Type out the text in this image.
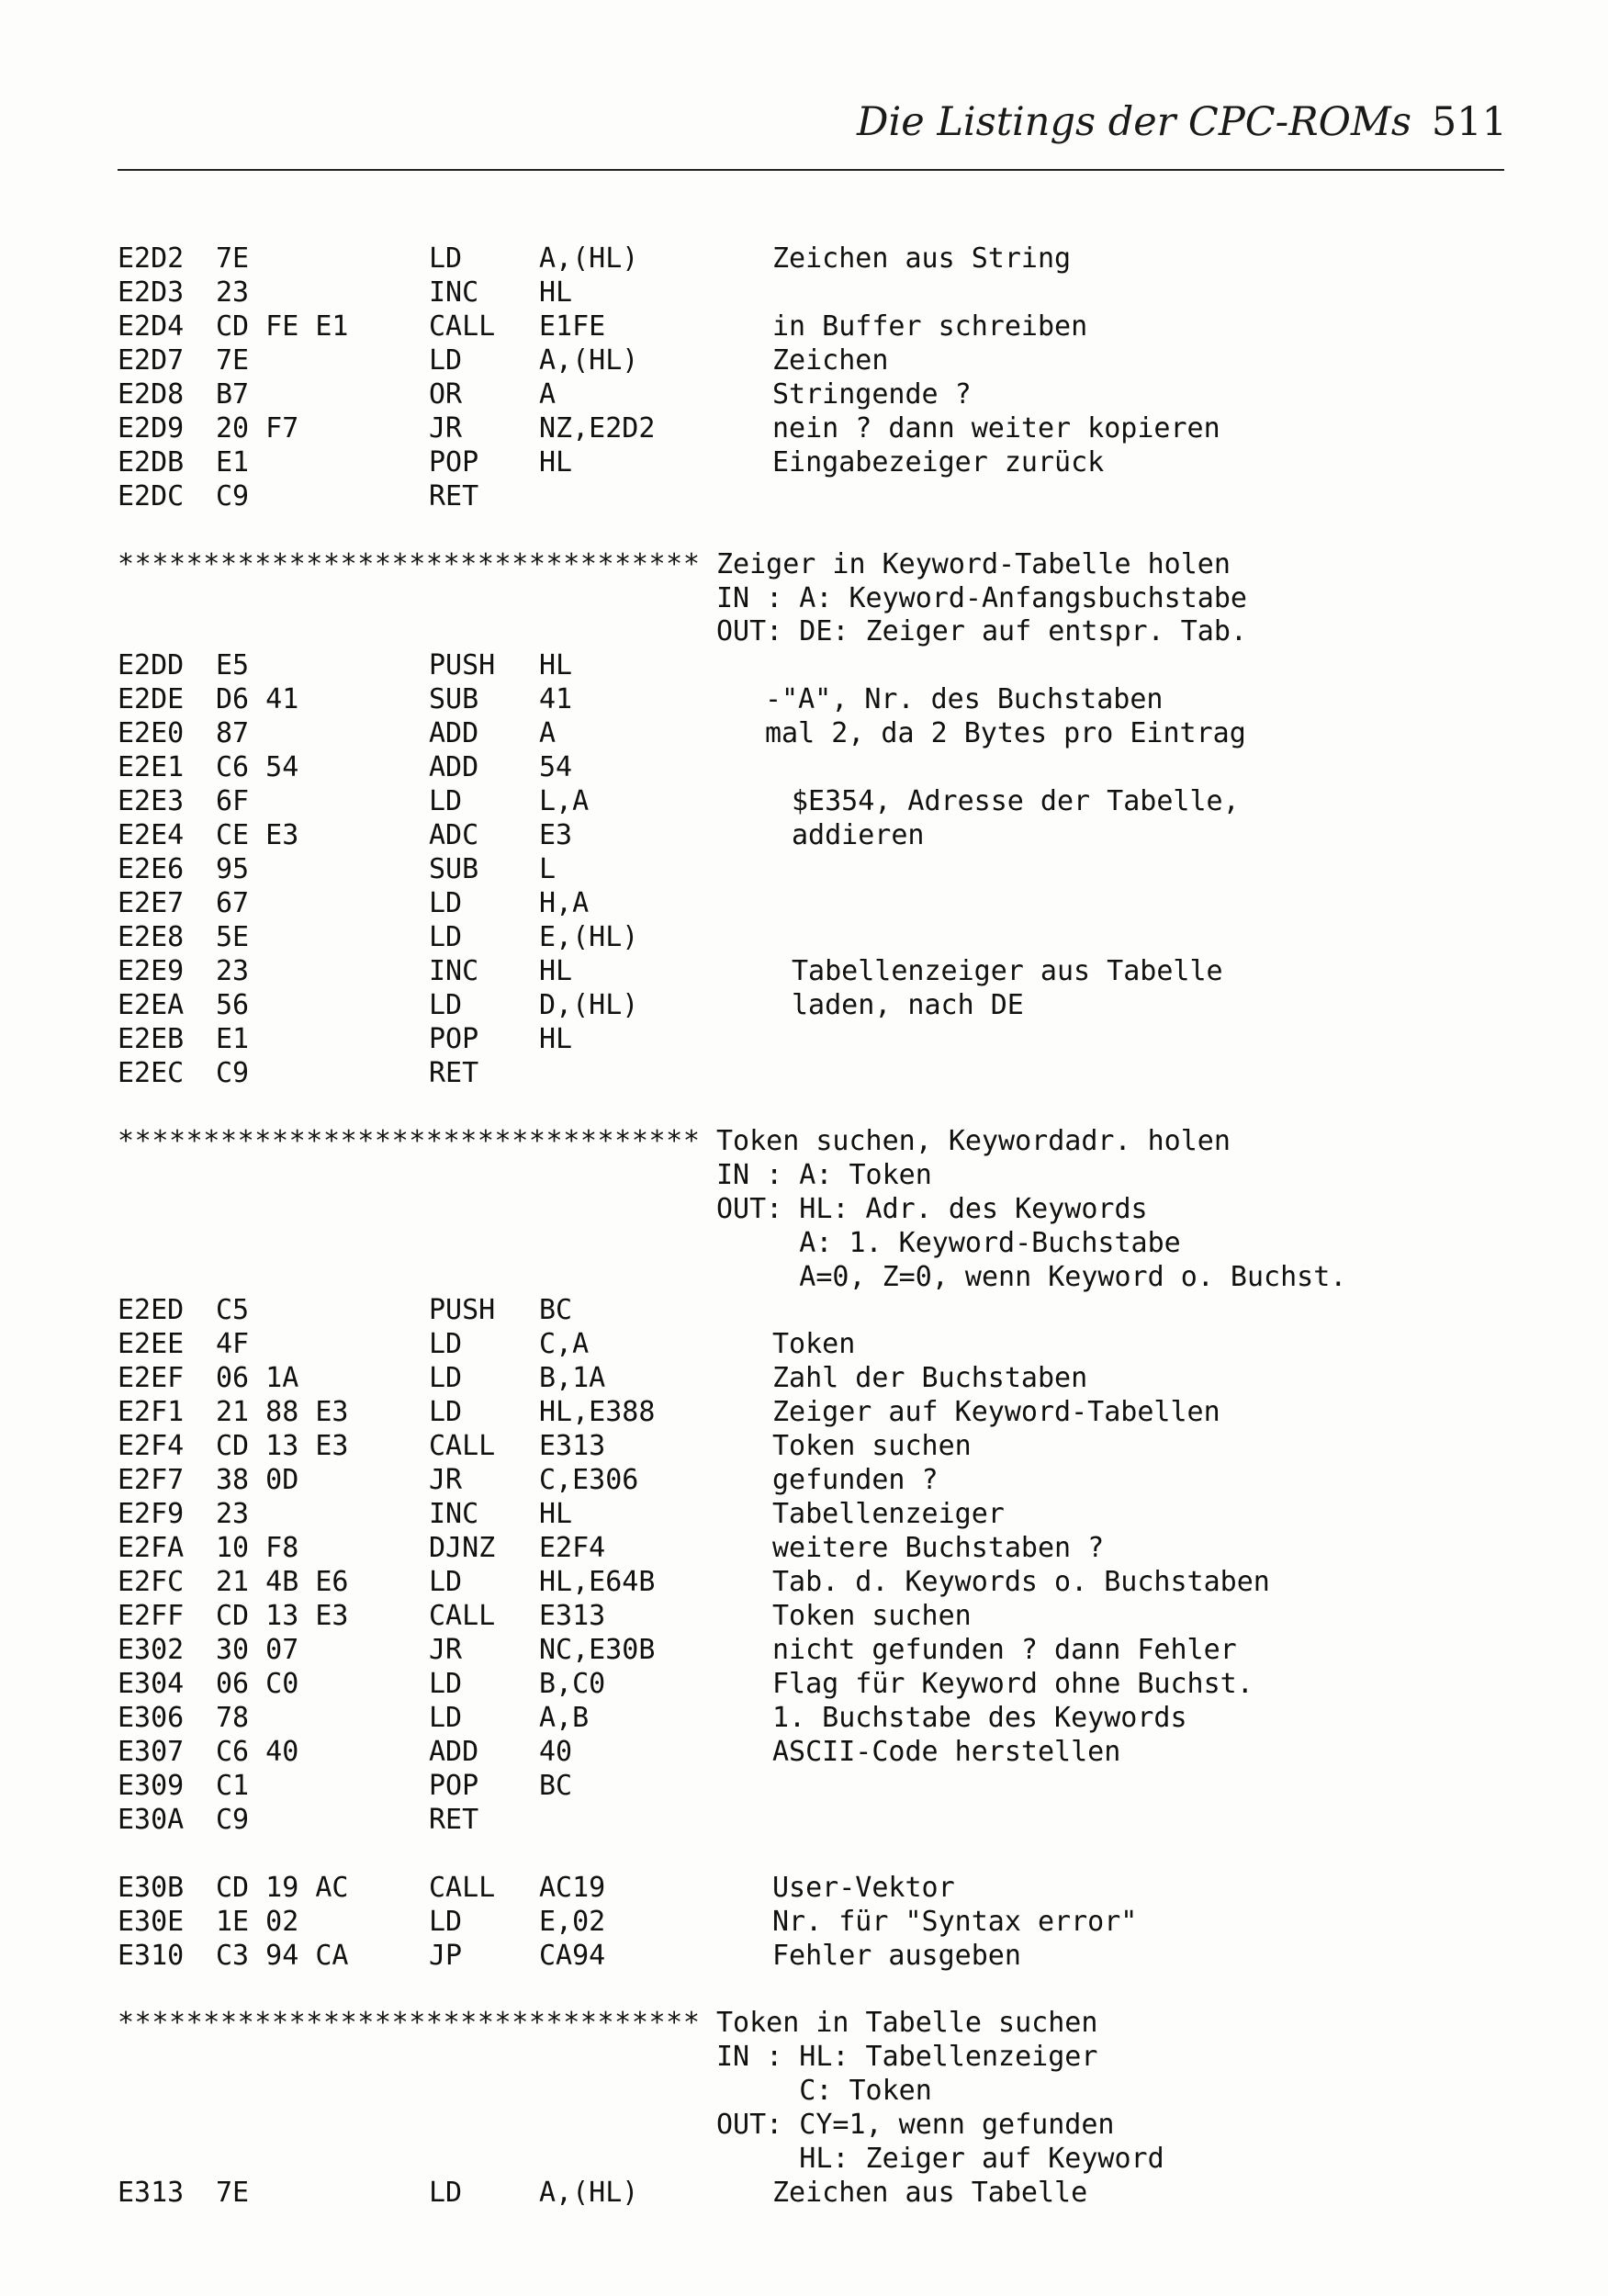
Die Listings der CPC-ROMs 511
E2D2 7E	LD	A,(HL)	Zeichen aus String
E2D3 23	INC HL
E2D4 CD FE E1	CALL E1FE	in Buffer schreiben
E2D7 7E	LD	A,(HL)	Zeichen
E2D8 B7	OR	A	Stringende ?
E2D9 20 F7	JR	NZ,E2D2	nein ? dann weiter kopieren
E2DB E1	POP HL	Eingabezeiger zurück
E2DC C9	RET
********************************** Zeiger in Keyword-Tabelle holen
IN : A: Keyword-Anfangsbuchstabe
OUT: DE: Zeiger auf entspr. Tab.
E2DD E5	PUSH HL
E2DE D6 41	SUB 41	-"A", Nr. des Buchstaben
E2E0 87	ADD A	mal 2, da 2 Bytes pro Eintrag
E2E1 C6 54	ADD 54
E2E3 6F	LD	L,A	$E354, Adresse der Tabelle,
E2E4 CE E3	ADC E3	addieren
E2E6 95	SUB L
E2E7 67	LD	H,A
E2E8 5E	LD	E,(HL)
E2E9 23	INC HL	Tabellenzeiger aus Tabelle
E2EA 56	LD	D,(HL)	laden, nach DE
E2EB E1	POP HL
E2EC C9	RET
********************************** Token suchen, Keywordadr. holen
IN : A: Token
OUT: HL: Adr. des Keywords
A: 1. Keyword-Buchstabe
A=0, Z=0, wenn Keyword o. Buchst.
E2ED C5	PUSH BC
E2EE 4F	LD	C,A	Token
E2EF 06 1A	LD	B,1A	Zahl der Buchstaben
E2F1 21 88 E3	LD	HL,E388	Zeiger auf Keyword-Tabellen
E2F4 CD 13 E3	CALL E313	Token suchen
E2F7 38 0D	JR	C,E306	gefunden ?
E2F9 23	INC HL	Tabellenzeiger
E2FA 10 F8	DJNZ E2F4	weitere Buchstaben ?
E2FC 21 4B E6	LD	HL,E64B	Tab. d. Keywords o. Buchstaben
E2FF CD 13 E3	CALL E313	Token suchen
E302 30 07	JR	NC,E30B	nicht gefunden ? dann Fehler
E304 06 C0	LD	B,C0	Flag für Keyword ohne Buchst.
E306 78	LD	A,B	1. Buchstabe des Keywords
E307 C6 40	ADD 40	ASCII-Code herstellen
E309 C1	POP BC
E30A C9	RET
E30B CD 19 AC	CALL AC19	User-Vektor
E30E 1E 02	LD	E,02	Nr. für "Syntax error"
E310 C3 94 CA	JP	CA94	Fehler ausgeben
********************************** Token in Tabelle suchen
IN : HL: Tabellenzeiger
C: Token
OUT: CY=1, wenn gefunden
HL: Zeiger auf Keyword
E313 7E	LD	A,(HL)	Zeichen aus Tabelle
